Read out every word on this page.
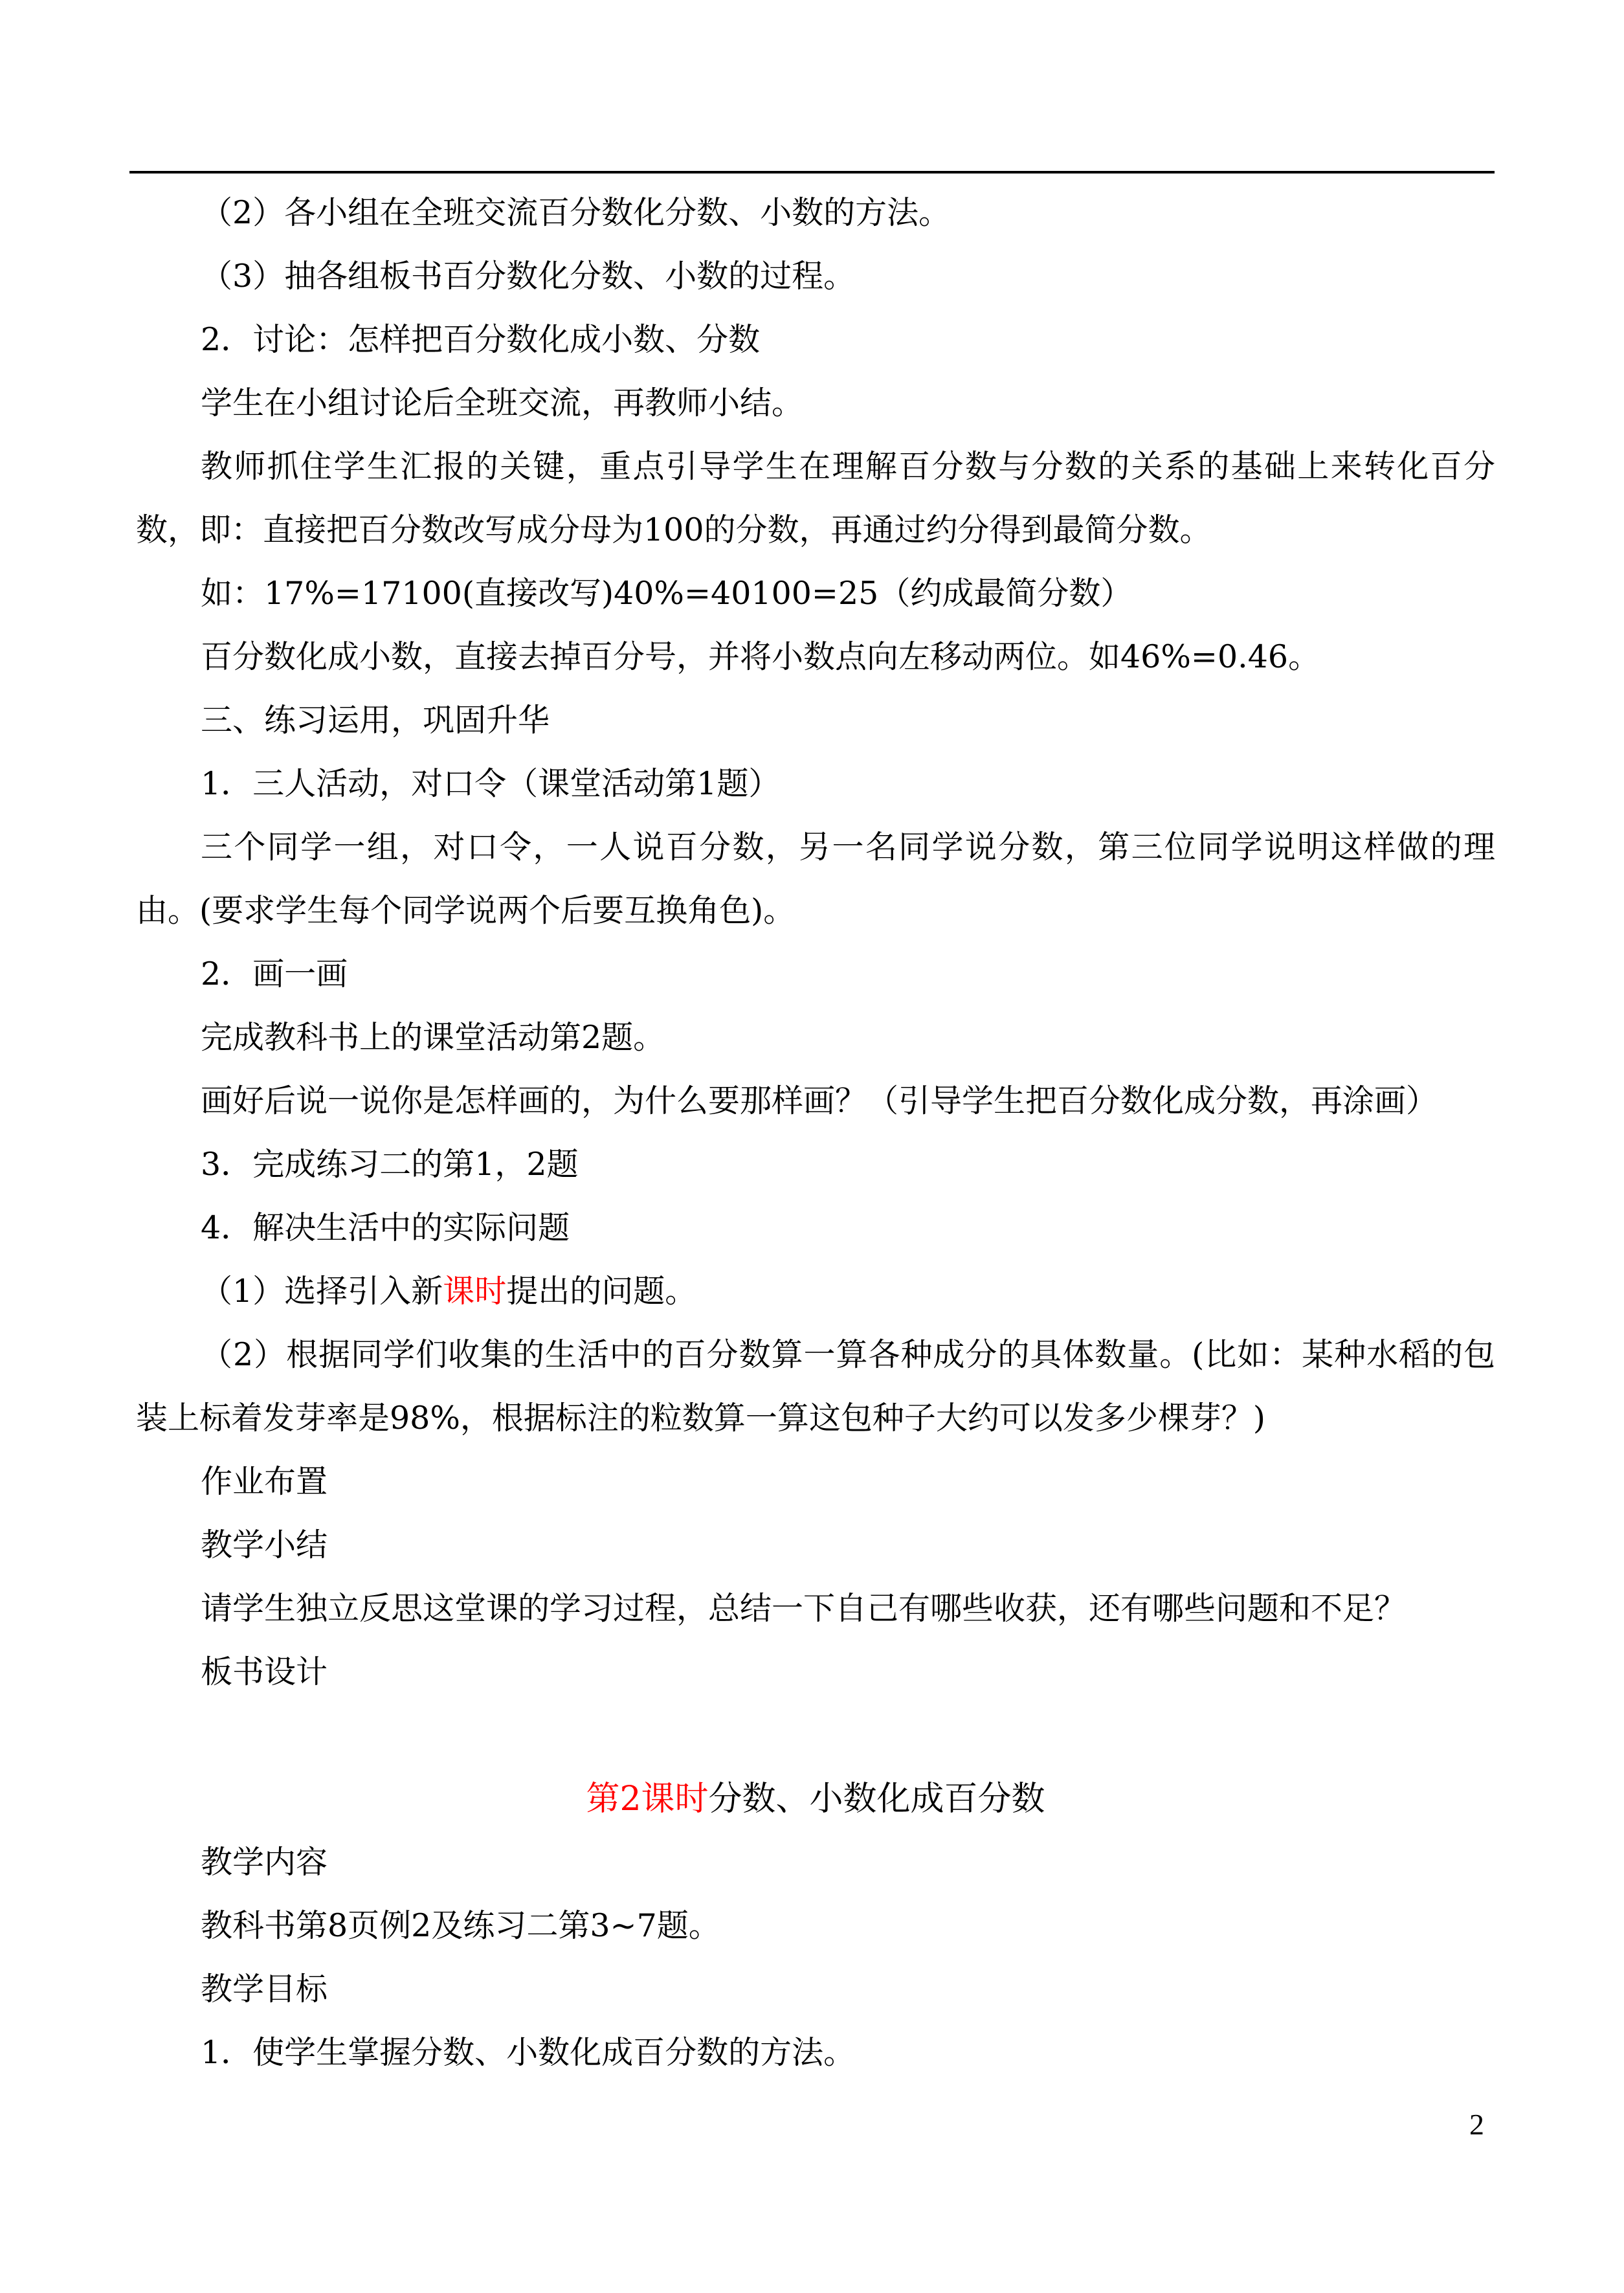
（2）各小组在全班交流百分数化分数、小数的方法。

（3）抽各组板书百分数化分数、小数的过程。

2．讨论：怎样把百分数化成小数、分数

学生在小组讨论后全班交流，再教师小结。

教师抓住学生汇报的关键，重点引导学生在理解百分数与分数的关系的基础上来转化百分数，即：直接把百分数改写成分母为100的分数，再通过约分得到最简分数。

如：17%=17100(直接改写)40%=40100=25（约成最简分数）

百分数化成小数，直接去掉百分号，并将小数点向左移动两位。如46%=0.46。

三、练习运用，巩固升华

1．三人活动，对口令（课堂活动第1题）

三个同学一组，对口令，一人说百分数，另一名同学说分数，第三位同学说明这样做的理由。(要求学生每个同学说两个后要互换角色)。

2．画一画

完成教科书上的课堂活动第2题。

画好后说一说你是怎样画的，为什么要那样画？（引导学生把百分数化成分数，再涂画）

3．完成练习二的第1，2题

4．解决生活中的实际问题

（1）选择引入新课时提出的问题。

（2）根据同学们收集的生活中的百分数算一算各种成分的具体数量。(比如：某种水稻的包装上标着发芽率是98%，根据标注的粒数算一算这包种子大约可以发多少棵芽？)

作业布置

教学小结

请学生独立反思这堂课的学习过程，总结一下自己有哪些收获，还有哪些问题和不足？

板书设计

第2课时分数、小数化成百分数

教学内容

教科书第8页例2及练习二第3~7题。

教学目标

1．使学生掌握分数、小数化成百分数的方法。

2
